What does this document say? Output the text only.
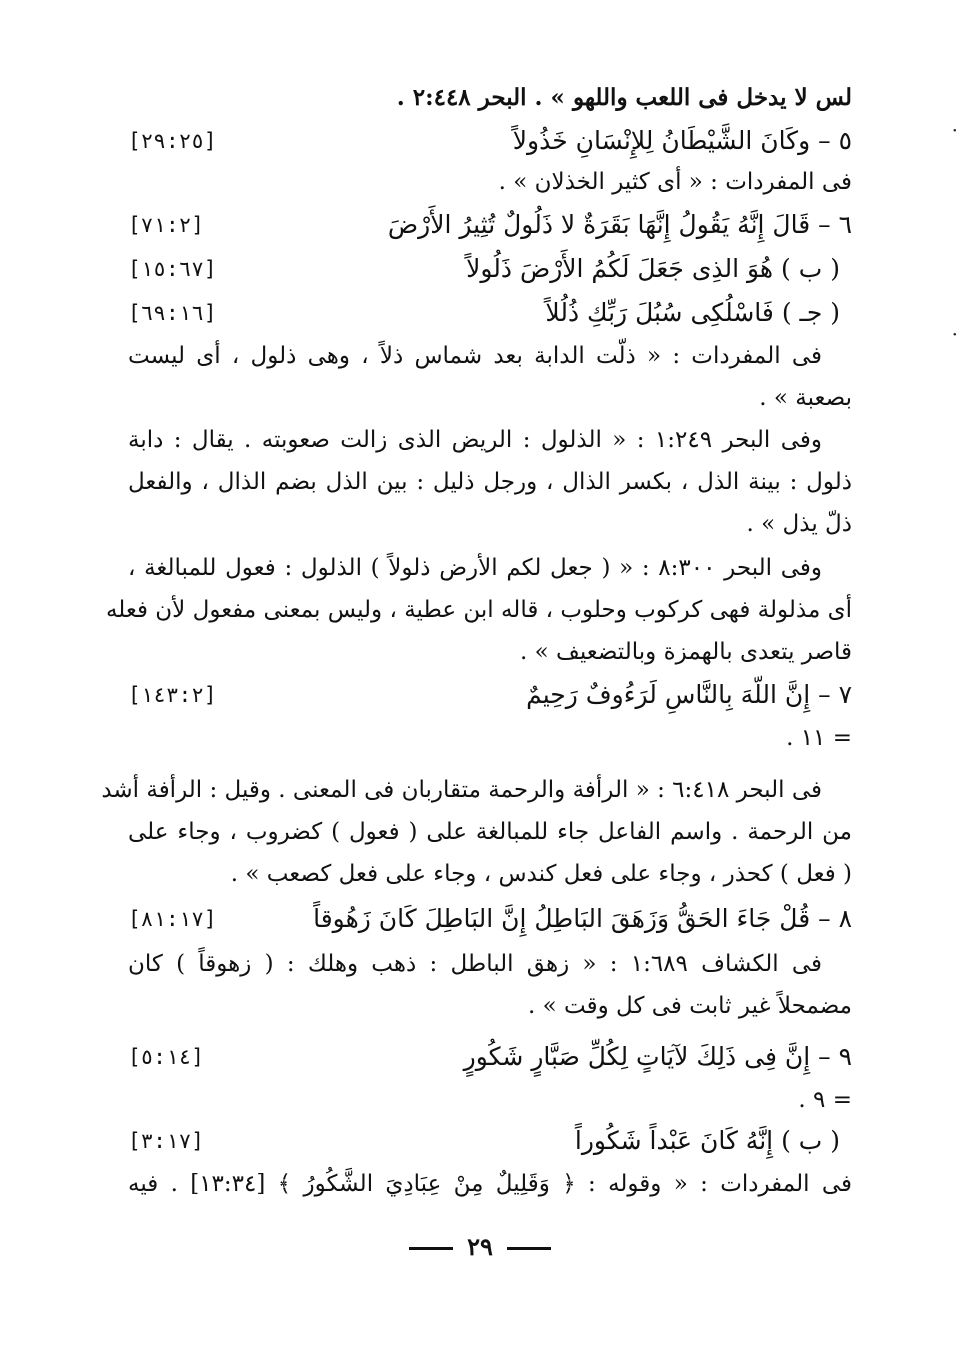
لس لا يدخل فى اللعب واللهو » . البحر ٢:٤٤٨ .
٥ – وكَانَ الشَّيْطَانُ لِلإِنْسَانِ خَذُولاً
[٢٩:٢٥]
فى المفردات : « أى كثير الخذلان » .
٦ – قَالَ إِنَّهُ يَقُولُ إِنَّهَا بَقَرَةٌ لا ذَلُولٌ تُثِيرُ الأَرْضَ
[٧١:٢]
( ب ) هُوَ الذِى جَعَلَ لَكُمُ الأَرْضَ ذَلُولاً
[١٥:٦٧]
( جـ ) فَاسْلُكِى سُبُلَ رَبِّكِ ذُلُلاً
[٦٩:١٦]
فى المفردات : « ذلّت الدابة بعد شماس ذلاً ، وهى ذلول ، أى ليست
بصعبة » .
وفى البحر ١:٢٤٩ : « الذلول : الريض الذى زالت صعوبته . يقال : دابة
ذلول : بينة الذل ، بكسر الذال ، ورجل ذليل : بين الذل بضم الذال ، والفعل
ذلّ يذل » .
وفى البحر ٨:٣٠٠ : « ( جعل لكم الأرض ذلولاً ) الذلول : فعول للمبالغة ،
أى مذلولة فهى كركوب وحلوب ، قاله ابن عطية ، وليس بمعنى مفعول لأن فعله
قاصر يتعدى بالهمزة وبالتضعيف » .
٧ – إِنَّ اللّهَ بِالنَّاسِ لَرَءُوفٌ رَحِيمٌ
[١٤٣:٢]
= ١١ .
فى البحر ٦:٤١٨ : « الرأفة والرحمة متقاربان فى المعنى . وقيل : الرأفة أشد
من الرحمة . واسم الفاعل جاء للمبالغة على ( فعول ) كضروب ، وجاء على
( فعل ) كحذر ، وجاء على فعل كندس ، وجاء على فعل كصعب » .
٨ – قُلْ جَاءَ الحَقُّ وَزَهَقَ البَاطِلُ إِنَّ البَاطِلَ كَانَ زَهُوقاً
[٨١:١٧]
فى الكشاف ١:٦٨٩ : « زهق الباطل : ذهب وهلك : ( زهوقاً ) كان
مضمحلاً غير ثابت فى كل وقت » .
٩ – إِنَّ فِى ذَلِكَ لآيَاتٍ لِكُلِّ صَبَّارٍ شَكُورٍ
[٥:١٤]
= ٩ .
( ب ) إِنَّهُ كَانَ عَبْداً شَكُوراً
[٣:١٧]
فى المفردات : « وقوله : ﴿ وَقَلِيلٌ مِنْ عِبَادِيَ الشَّكُورُ ﴾ [١٣:٣٤] . فيه
٢٩
·
·
